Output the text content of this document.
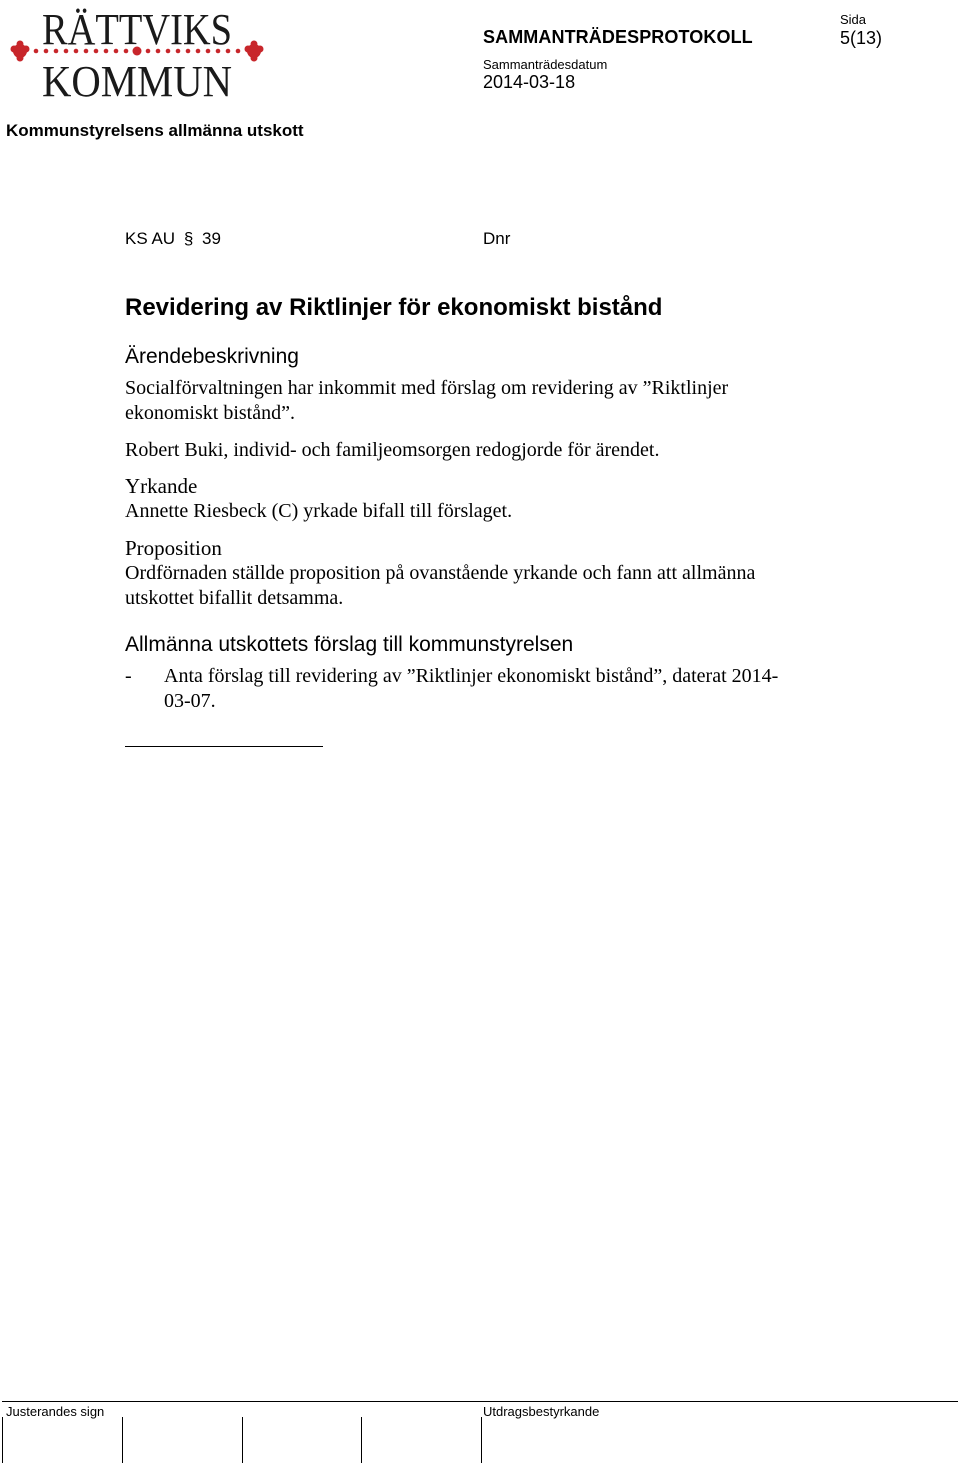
RÄTTVIKS
KOMMUN
SAMMANTRÄDESPROTOKOLL
Sammanträdesdatum
2014-03-18
Sida
5(13)
Kommunstyrelsens allmänna utskott
KS AU § 39	Dnr
Revidering av Riktlinjer för ekonomiskt bistånd
Ärendebeskrivning
Socialförvaltningen har inkommit med förslag om revidering av ”Riktlinjer ekonomiskt bistånd”.
Robert Buki, individ- och familjeomsorgen redogjorde för ärendet.
Yrkande
Annette Riesbeck (C) yrkade bifall till förslaget.
Proposition
Ordförnaden ställde proposition på ovanstående yrkande och fann att allmänna utskottet bifallit detsamma.
Allmänna utskottets förslag till kommunstyrelsen
- Anta förslag till revidering av ”Riktlinjer ekonomiskt bistånd”, daterat 2014-03-07.
Justerandes sign	Utdragsbestyrkande
